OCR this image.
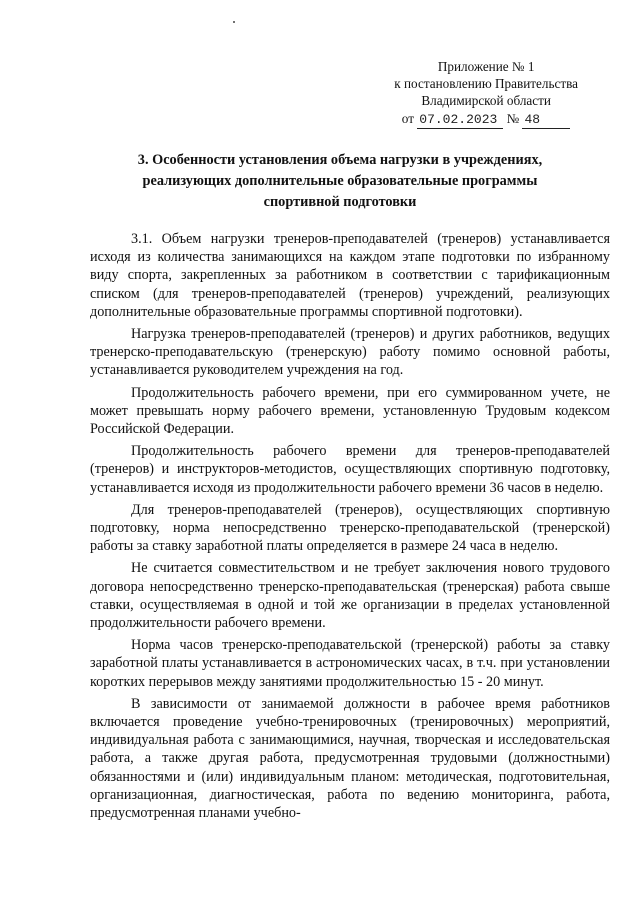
Приложение № 1
к постановлению Правительства
Владимирской области
от 07.02.2023 № 48
3. Особенности установления объема нагрузки в учреждениях,
реализующих дополнительные образовательные программы
спортивной подготовки

3.1. Объем нагрузки тренеров-преподавателей (тренеров) устанавливается исходя из количества занимающихся на каждом этапе подготовки по избранному виду спорта, закрепленных за работником в соответствии с тарификационным списком (для тренеров-преподавателей (тренеров) учреждений, реализующих дополнительные образовательные программы спортивной подготовки).

Нагрузка тренеров-преподавателей (тренеров) и других работников, ведущих тренерско-преподавательскую (тренерскую) работу помимо основной работы, устанавливается руководителем учреждения на год.

Продолжительность рабочего времени, при его суммированном учете, не может превышать норму рабочего времени, установленную Трудовым кодексом Российской Федерации.

Продолжительность рабочего времени для тренеров-преподавателей (тренеров) и инструкторов-методистов, осуществляющих спортивную подготовку, устанавливается исходя из продолжительности рабочего времени 36 часов в неделю.

Для тренеров-преподавателей (тренеров), осуществляющих спортивную подготовку, норма непосредственно тренерско-преподавательской (тренерской) работы за ставку заработной платы определяется в размере 24 часа в неделю.

Не считается совместительством и не требует заключения нового трудового договора непосредственно тренерско-преподавательская (тренерская) работа свыше ставки, осуществляемая в одной и той же организации в пределах установленной продолжительности рабочего времени.

Норма часов тренерско-преподавательской (тренерской) работы за ставку заработной платы устанавливается в астрономических часах, в т.ч. при установлении коротких перерывов между занятиями продолжительностью 15 - 20 минут.

В зависимости от занимаемой должности в рабочее время работников включается проведение учебно-тренировочных (тренировочных) мероприятий, индивидуальная работа с занимающимися, научная, творческая и исследовательская работа, а также другая работа, предусмотренная трудовыми (должностными) обязанностями и (или) индивидуальным планом: методическая, подготовительная, организационная, диагностическая, работа по ведению мониторинга, работа, предусмотренная планами учебно-
